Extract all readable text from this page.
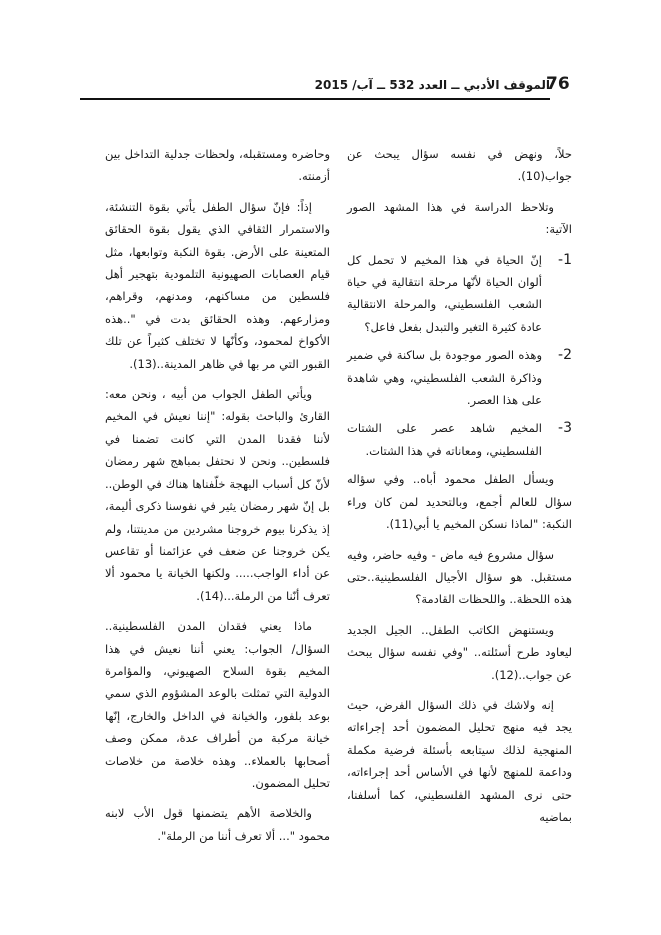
الموقف الأدبي ــ العدد 532 ــ آب/ 2015
76

حلاً، ونهض في نفسه سؤال يبحث عن جواب(10).

وتلاحظ الدراسة في هذا المشهد الصور الآتية:

1-
إنّ الحياة في هذا المخيم لا تحمل كل ألوان الحياة لأنّها مرحلة انتقالية في حياة الشعب الفلسطيني، والمرحلة الانتقالية عادة كثيرة التغير والتبدل بفعل فاعل؟
2-
وهذه الصور موجودة بل ساكنة في ضمير وذاكرة الشعب الفلسطيني، وهي شاهدة على هذا العصر.
3-
المخيم شاهد عصر على الشتات الفلسطيني، ومعاناته في هذا الشتات.

ويسأل الطفل محمود أباه.. وفي سؤاله سؤال للعالم أجمع، وبالتحديد لمن كان وراء النكبة: "لماذا نسكن المخيم يا أبي(11).

سؤال مشروع فيه ماض - وفيه حاضر، وفيه مستقبل. هو سؤال الأجيال الفلسطينية..حتى هذه اللحظة.. واللحظات القادمة؟

ويستنهض الكاتب الطفل.. الجيل الجديد ليعاود طرح أسئلته.. "وفي نفسه سؤال يبحث عن جواب..(12).

إنه ولاشك في ذلك السؤال الفرض، حيث يجد فيه منهج تحليل المضمون أحد إجراءاته المنهجية لذلك سيتابعه بأسئلة فرضية مكملة وداعمة للمنهج لأنها في الأساس أحد إجراءاته، حتى نرى المشهد الفلسطيني، كما أسلفنا، بماضيه

وحاضره ومستقبله، ولحظات جدلية التداخل بين أزمنته.

إذاً: فإنّ سؤال الطفل يأتي بقوة التنشئة، والاستمرار الثقافي الذي يقول بقوة الحقائق المتعينة على الأرض. بقوة النكبة وتوابعها، مثل قيام العصابات الصهيونية التلمودية بتهجير أهل فلسطين من مساكنهم، ومدنهم، وقراهم، ومزارعهم. وهذه الحقائق بدت في "..هذه الأكواخ لمحمود، وكأنّها لا تختلف كثيراً عن تلك القبور التي مر بها في ظاهر المدينة..(13).

ويأتي الطفل الجواب من أبيه ، ونحن معه: القارئ والباحث بقوله: "إننا نعيش في المخيم لأننا فقدنا المدن التي كانت تضمنا في فلسطين.. ونحن لا نحتفل بمباهج شهر رمضان لأنّ كل أسباب البهجة خلّفناها هناك في الوطن.. بل إنّ شهر رمضان يثير في نفوسنا ذكرى أليمة، إذ يذكرنا بيوم خروجنا مشردين من مدينتنا، ولم يكن خروجنا عن ضعف في عزائمنا أو تقاعس عن أداء الواجب..... ولكنها الخيانة يا محمود ألا تعرف أنّنا من الرملة...(14).

ماذا يعني فقدان المدن الفلسطينية.. السؤال/ الجواب: يعني أننا نعيش في هذا المخيم بقوة السلاح الصهيوني، والمؤامرة الدولية التي تمثلت بالوعد المشؤوم الذي سمي بوعد بلفور، والخيانة في الداخل والخارج، إنّها خيانة مركبة من أطراف عدة، ممكن وصف أصحابها بالعملاء.. وهذه خلاصة من خلاصات تحليل المضمون.

والخلاصة الأهم يتضمنها قول الأب لابنه محمود "... ألا تعرف أننا من الرملة".
